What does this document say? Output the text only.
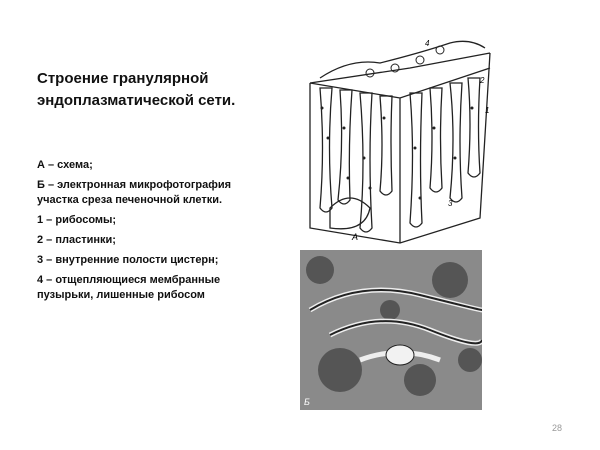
Строение гранулярной эндоплазматической сети.
А – схема;
Б – электронная микрофотография участка среза печеночной клетки.
1 – рибосомы;
2 – пластинки;
3 – внутренние полости цистерн;
4 – отщепляющиеся мембранные пузырьки, лишенные рибосом
А
1
2
3
4
Б
28
